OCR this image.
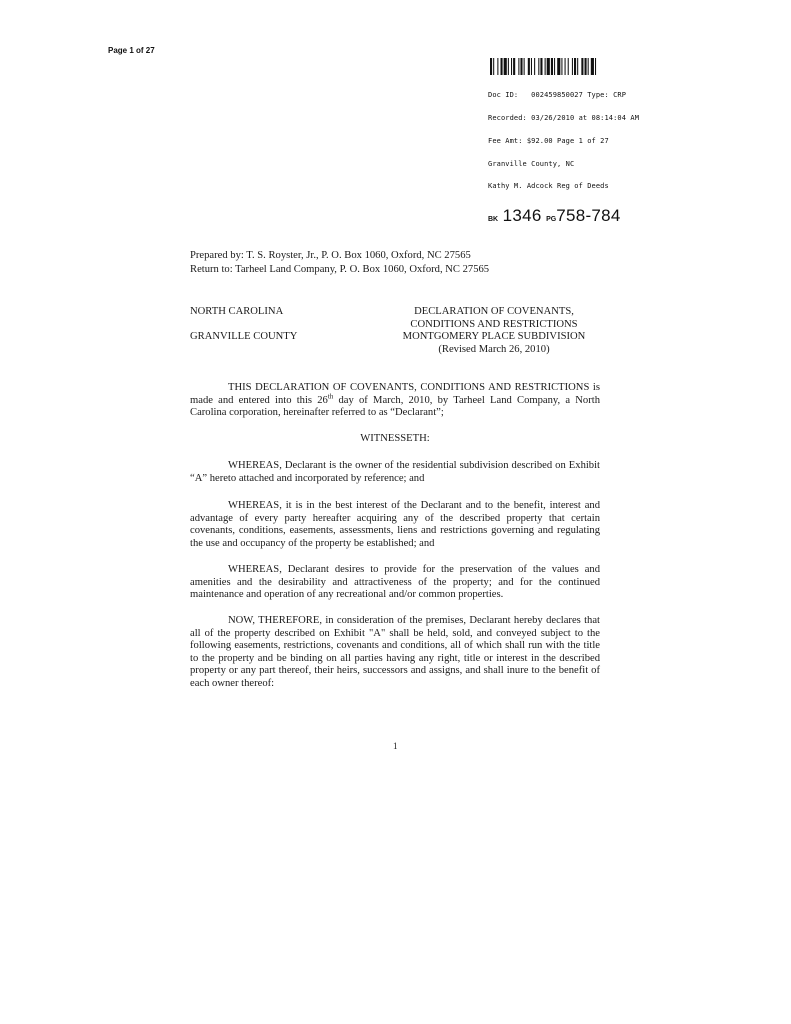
Page 1 of 27

Doc ID:   002459850027 Type: CRP

Recorded: 03/26/2010 at 08:14:04 AM

Fee Amt: $92.00 Page 1 of 27

Granville County, NC

Kathy M. Adcock Reg of Deeds

BK 1346 PG758-784
Prepared by: T. S. Royster, Jr., P. O. Box 1060, Oxford, NC 27565
Return to: Tarheel Land Company, P. O. Box 1060, Oxford, NC 27565
NORTH CAROLINA
GRANVILLE COUNTY
DECLARATION OF COVENANTS,
CONDITIONS AND RESTRICTIONS
MONTGOMERY PLACE SUBDIVISION
(Revised March 26, 2010)
THIS DECLARATION OF COVENANTS, CONDITIONS AND RESTRICTIONS is made and entered into this 26th day of March, 2010, by Tarheel Land Company, a North Carolina corporation, hereinafter referred to as “Declarant”;
WITNESSETH:
WHEREAS, Declarant is the owner of the residential subdivision described on Exhibit “A” hereto attached and incorporated by reference; and
WHEREAS, it is in the best interest of the Declarant and to the benefit, interest and advantage of every party hereafter acquiring any of the described property that certain covenants, conditions, easements, assessments, liens and restrictions governing and regulating the use and occupancy of the property be established; and
WHEREAS, Declarant desires to provide for the preservation of the values and amenities and the desirability and attractiveness of the property; and for the continued maintenance and operation of any recreational and/or common properties.
NOW, THEREFORE, in consideration of the premises, Declarant hereby declares that all of the property described on Exhibit "A" shall be held, sold, and conveyed subject to the following easements, restrictions, covenants and conditions, all of which shall run with the title to the property and be binding on all parties having any right, title or interest in the described property or any part thereof, their heirs, successors and assigns, and shall inure to the benefit of each owner thereof:
1
